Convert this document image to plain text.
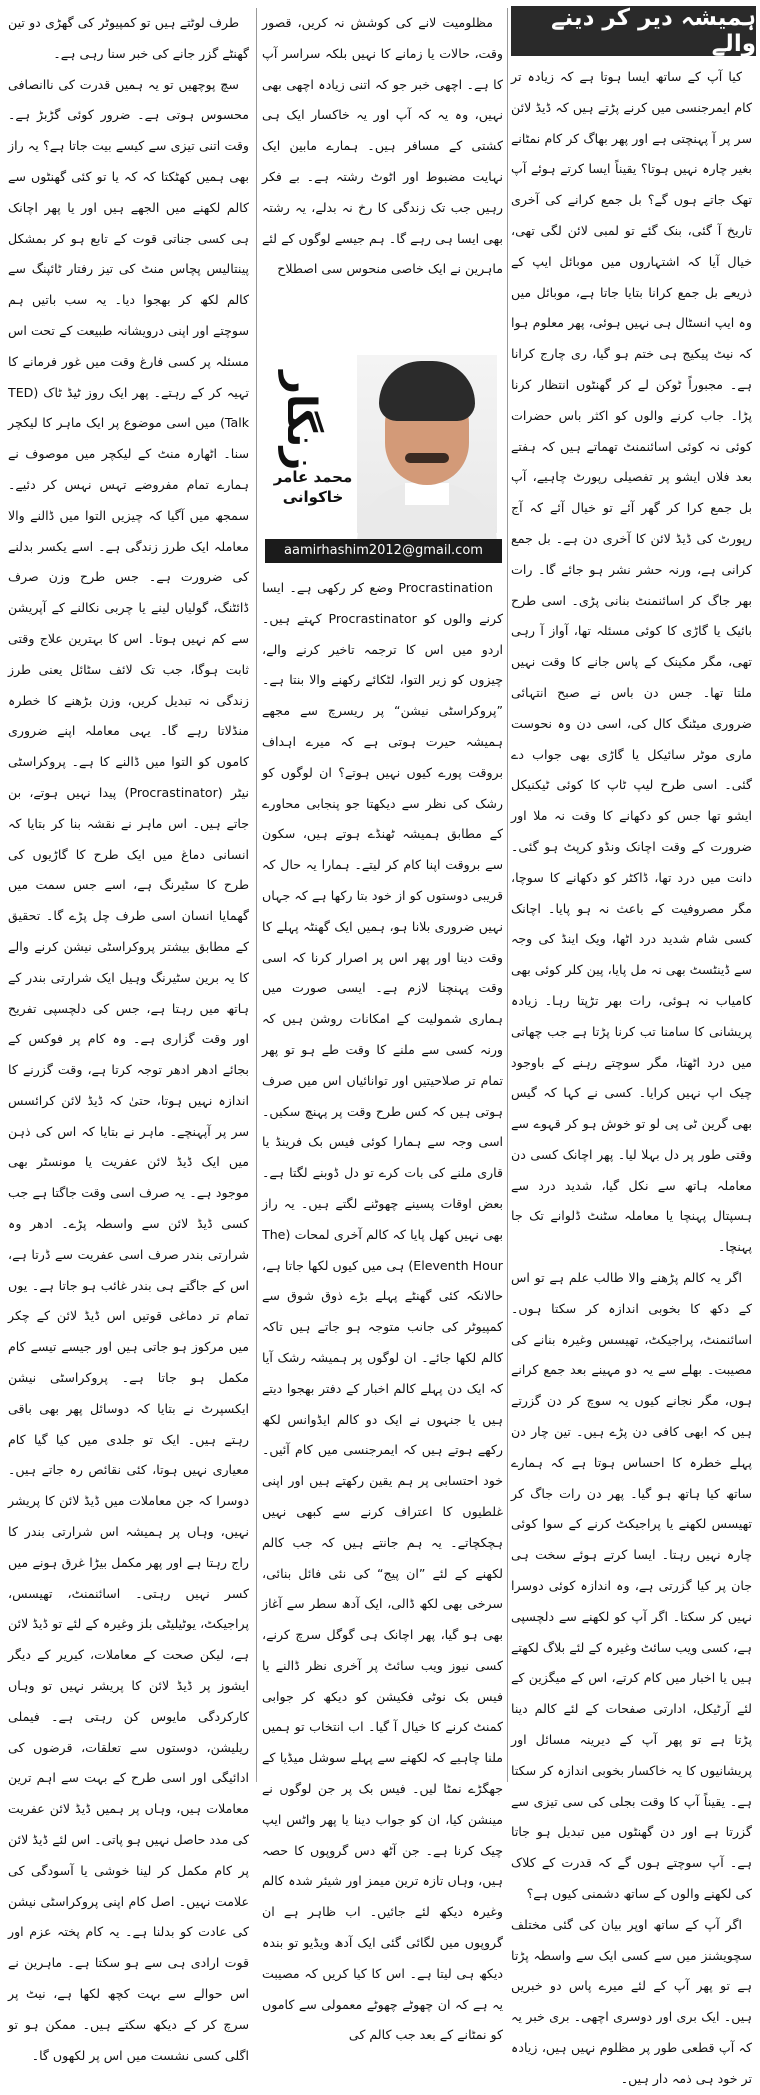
ہمیشہ دیر کر دینے والے

کیا آپ کے ساتھ ایسا ہوتا ہے کہ زیادہ تر کام ایمرجنسی میں کرنے پڑتے ہیں کہ ڈیڈ لائن سر پر آ پہنچتی ہے اور پھر بھاگ کر کام نمٹانے بغیر چارہ نہیں ہوتا؟ یقیناً ایسا کرتے ہوئے آپ تھک جاتے ہوں گے؟ بل جمع کرانے کی آخری تاریخ آ گئی، بنک گئے تو لمبی لائن لگی تھی، خیال آیا کہ اشتہاروں میں موبائل ایپ کے ذریعے بل جمع کرانا بتایا جاتا ہے، موبائل میں وہ ایپ انسٹال ہی نہیں ہوئی، پھر معلوم ہوا کہ نیٹ پیکیج ہی ختم ہو گیا، ری چارج کرانا ہے۔ مجبوراً ٹوکن لے کر گھنٹوں انتظار کرنا پڑا۔ جاب کرنے والوں کو اکثر باس حضرات کوئی نہ کوئی اسائنمنٹ تھماتے ہیں کہ ہفتے بعد فلاں ایشو پر تفصیلی رپورٹ چاہیے، آپ بل جمع کرا کر گھر آئے تو خیال آئے کہ آج رپورٹ کی ڈیڈ لائن کا آخری دن ہے۔ بل جمع کرانی ہے، ورنہ حشر نشر ہو جائے گا۔ رات بھر جاگ کر اسائنمنٹ بنانی پڑی۔ اسی طرح بائیک یا گاڑی کا کوئی مسئلہ تھا، آواز آ رہی تھی، مگر مکینک کے پاس جانے کا وقت نہیں ملتا تھا۔ جس دن باس نے صبح انتہائی ضروری میٹنگ کال کی، اسی دن وہ نحوست ماری موٹر سائیکل یا گاڑی بھی جواب دے گئی۔ اسی طرح لیپ ٹاپ کا کوئی ٹیکنیکل ایشو تھا جس کو دکھانے کا وقت نہ ملا اور ضرورت کے وقت اچانک ونڈو کرپٹ ہو گئی۔ دانت میں درد تھا، ڈاکٹر کو دکھانے کا سوچا، مگر مصروفیت کے باعث نہ ہو پایا۔ اچانک کسی شام شدید درد اٹھا، ویک اینڈ کی وجہ سے ڈینٹسٹ بھی نہ مل پایا، پین کلر کوئی بھی کامیاب نہ ہوئی، رات بھر تڑپتا رہا۔ زیادہ پریشانی کا سامنا تب کرنا پڑتا ہے جب چھاتی میں درد اٹھتا، مگر سوچتے رہنے کے باوجود چیک اپ نہیں کرایا۔ کسی نے کہا کہ گیس بھی گرین ٹی پی لو تو خوش ہو کر قہوے سے وقتی طور پر دل بہلا لیا۔ پھر اچانک کسی دن معاملہ ہاتھ سے نکل گیا، شدید درد سے ہسپتال پہنچا یا معاملہ سٹنٹ ڈلوانے تک جا پہنچا۔

اگر یہ کالم پڑھنے والا طالب علم ہے تو اس کے دکھ کا بخوبی اندازہ کر سکتا ہوں۔ اسائنمنٹ، پراجیکٹ، تھیسس وغیرہ بنانے کی مصیبت۔ بھلے سے یہ دو مہینے بعد جمع کرانے ہوں، مگر نجانے کیوں یہ سوچ کر دن گزرتے ہیں کہ ابھی کافی دن پڑے ہیں۔ تین چار دن پہلے خطرہ کا احساس ہوتا ہے کہ ہمارے ساتھ کیا ہاتھ ہو گیا۔ پھر دن رات جاگ کر تھیسس لکھنے یا پراجیکٹ کرنے کے سوا کوئی چارہ نہیں رہتا۔ ایسا کرتے ہوئے سخت ہی جان پر کیا گزرتی ہے، وہ اندازہ کوئی دوسرا نہیں کر سکتا۔ اگر آپ کو لکھنے سے دلچسپی ہے، کسی ویب سائٹ وغیرہ کے لئے بلاگ لکھتے ہیں یا اخبار میں کام کرتے، اس کے میگزین کے لئے آرٹیکل، ادارتی صفحات کے لئے کالم دینا پڑتا ہے تو پھر آپ کے دیرینہ مسائل اور پریشانیوں کا یہ خاکسار بخوبی اندازہ کر سکتا ہے۔ یقیناً آپ کا وقت بجلی کی سی تیزی سے گزرتا ہے اور دن گھنٹوں میں تبدیل ہو جاتا ہے۔ آپ سوچتے ہوں گے کہ قدرت کے کلاک کی لکھنے والوں کے ساتھ دشمنی کیوں ہے؟

اگر آپ کے ساتھ اوپر بیان کی گئی مختلف سچویشنز میں سے کسی ایک سے واسطہ پڑتا ہے تو پھر آپ کے لئے میرے پاس دو خبریں ہیں۔ ایک بری اور دوسری اچھی۔ بری خبر یہ کہ آپ قطعی طور پر مظلوم نہیں ہیں، زیادہ تر خود ہی ذمہ دار ہیں۔

مظلومیت لانے کی کوشش نہ کریں، قصور وقت، حالات یا زمانے کا نہیں بلکہ سراسر آپ کا ہے۔ اچھی خبر جو کہ اتنی زیادہ اچھی بھی نہیں، وہ یہ کہ آپ اور یہ خاکسار ایک ہی کشتی کے مسافر ہیں۔ ہمارے مابین ایک نہایت مضبوط اور اٹوٹ رشتہ ہے۔ بے فکر رہیں جب تک زندگی کا رخ نہ بدلے، یہ رشتہ بھی ایسا ہی رہے گا۔ ہم جیسے لوگوں کے لئے ماہرین نے ایک خاصی منحوس سی اصطلاح

Procrastination وضع کر رکھی ہے۔ ایسا کرنے والوں کو Procrastinator کہتے ہیں۔ اردو میں اس کا ترجمہ تاخیر کرنے والے، چیزوں کو زیر التوا، لٹکائے رکھنے والا بنتا ہے۔ ”پروکراسٹی نیشن“ پر ریسرچ سے مجھے ہمیشہ حیرت ہوتی ہے کہ میرے اہداف بروقت پورے کیوں نہیں ہوتے؟ ان لوگوں کو رشک کی نظر سے دیکھتا جو پنجابی محاورے کے مطابق ہمیشہ ٹھنڈے ہوتے ہیں، سکون سے بروقت اپنا کام کر لیتے۔ ہمارا یہ حال کہ قریبی دوستوں کو از خود بتا رکھا ہے کہ جہاں نہیں ضروری بلانا ہو، ہمیں ایک گھنٹہ پہلے کا وقت دینا اور پھر اس پر اصرار کرنا کہ اسی وقت پہنچنا لازم ہے۔ ایسی صورت میں ہماری شمولیت کے امکانات روشن ہیں کہ ورنہ کسی سے ملنے کا وقت طے ہو تو پھر تمام تر صلاحیتیں اور توانائیاں اس میں صرف ہوتی ہیں کہ کس طرح وقت پر پہنچ سکیں۔ اسی وجہ سے ہمارا کوئی فیس بک فرینڈ یا قاری ملنے کی بات کرے تو دل ڈوبنے لگتا ہے۔ بعض اوقات پسینے چھوٹنے لگتے ہیں۔ یہ راز بھی نہیں کھل پایا کہ کالم آخری لمحات (The Eleventh Hour) ہی میں کیوں لکھا جاتا ہے، حالانکہ کئی گھنٹے پہلے بڑے ذوق شوق سے کمپیوٹر کی جانب متوجہ ہو جاتے ہیں تاکہ کالم لکھا جائے۔ ان لوگوں پر ہمیشہ رشک آیا کہ ایک دن پہلے کالم اخبار کے دفتر بھجوا دیتے ہیں یا جنہوں نے ایک دو کالم ایڈوانس لکھ رکھے ہوتے ہیں کہ ایمرجنسی میں کام آئیں۔ خود احتسابی پر ہم یقین رکھتے ہیں اور اپنی غلطیوں کا اعتراف کرنے سے کبھی نہیں ہچکچاتے۔ یہ ہم جانتے ہیں کہ جب کالم لکھنے کے لئے ”ان پیج“ کی نئی فائل بنائی، سرخی بھی لکھ ڈالی، ایک آدھ سطر سے آغاز بھی ہو گیا، پھر اچانک ہی گوگل سرچ کرنے، کسی نیوز ویب سائٹ پر آخری نظر ڈالنے یا فیس بک نوٹی فکیشن کو دیکھ کر جوابی کمنٹ کرنے کا خیال آ گیا۔ اب انتخاب تو ہمیں ملنا چاہیے کہ لکھنے سے پہلے سوشل میڈیا کے جھگڑے نمٹا لیں۔ فیس بک پر جن لوگوں نے مینشن کیا، ان کو جواب دینا یا پھر واٹس ایپ چیک کرنا ہے۔ جن آٹھ دس گروپوں کا حصہ ہیں، وہاں تازہ ترین میمز اور شیئر شدہ کالم وغیرہ دیکھ لئے جائیں۔ اب ظاہر ہے ان گروپوں میں لگائی گئی ایک آدھ ویڈیو تو بندہ دیکھ ہی لیتا ہے۔ اس کا کیا کریں کہ مصیبت یہ ہے کہ ان چھوٹے چھوٹے معمولی سے کاموں کو نمٹانے کے بعد جب کالم کی

زنگار
محمد عامر خاکوانی
aamirhashim2012@gmail.com

طرف لوٹتے ہیں تو کمپیوٹر کی گھڑی دو تین گھنٹے گزر جانے کی خبر سنا رہی ہے۔

سچ پوچھیں تو یہ ہمیں قدرت کی ناانصافی محسوس ہوتی ہے۔ ضرور کوئی گڑبڑ ہے۔ وقت اتنی تیزی سے کیسے بیت جاتا ہے؟ یہ راز بھی ہمیں کھٹکتا کہ کہ یا تو کئی گھنٹوں سے کالم لکھنے میں الجھے ہیں اور یا پھر اچانک ہی کسی جناتی قوت کے تابع ہو کر بمشکل پینتالیس پچاس منٹ کی تیز رفتار ٹائپنگ سے کالم لکھ کر بھجوا دیا۔ یہ سب باتیں ہم سوچتے اور اپنی درویشانہ طبیعت کے تحت اس مسئلہ پر کسی فارغ وقت میں غور فرمانے کا تہیہ کر کے رہتے۔ پھر ایک روز ٹیڈ ٹاک (TED Talk) میں اسی موضوع پر ایک ماہر کا لیکچر سنا۔ اٹھارہ منٹ کے لیکچر میں موصوف نے ہمارے تمام مفروضے تہس نہس کر دئیے۔ سمجھ میں آگیا کہ چیزیں التوا میں ڈالنے والا معاملہ ایک طرز زندگی ہے۔ اسے یکسر بدلنے کی ضرورت ہے۔ جس طرح وزن صرف ڈائٹنگ، گولیاں لینے یا چربی نکالنے کے آپریشن سے کم نہیں ہوتا۔ اس کا بہترین علاج وقتی ثابت ہوگا، جب تک لائف سٹائل یعنی طرز زندگی نہ تبدیل کریں، وزن بڑھنے کا خطرہ منڈلاتا رہے گا۔ یہی معاملہ اپنے ضروری کاموں کو التوا میں ڈالنے کا ہے۔ پروکراسٹی نیٹر (Procrastinator) پیدا نہیں ہوتے، بن جاتے ہیں۔ اس ماہر نے نقشہ بنا کر بتایا کہ انسانی دماغ میں ایک طرح کا گاڑیوں کی طرح کا سٹیرنگ ہے، اسے جس سمت میں گھمایا انسان اسی طرف چل پڑے گا۔ تحقیق کے مطابق بیشتر پروکراسٹی نیشن کرنے والے کا یہ برین سٹیرنگ وہیل ایک شرارتی بندر کے ہاتھ میں رہتا ہے، جس کی دلچسپی تفریح اور وقت گزاری ہے۔ وہ کام پر فوکس کے بجائے ادھر ادھر توجہ کرتا ہے، وقت گزرنے کا اندازہ نہیں ہوتا، حتیٰ کہ ڈیڈ لائن کرائسس سر پر آپہنچے۔ ماہر نے بتایا کہ اس کی ذہن میں ایک ڈیڈ لائن عفریت یا مونسٹر بھی موجود ہے۔ یہ صرف اسی وقت جاگتا ہے جب کسی ڈیڈ لائن سے واسطہ پڑے۔ ادھر وہ شرارتی بندر صرف اسی عفریت سے ڈرتا ہے، اس کے جاگتے ہی بندر غائب ہو جاتا ہے۔ یوں تمام تر دماغی قوتیں اس ڈیڈ لائن کے چکر میں مرکوز ہو جاتی ہیں اور جیسے تیسے کام مکمل ہو جاتا ہے۔ پروکراسٹی نیشن ایکسپرٹ نے بتایا کہ دوسائل پھر بھی باقی رہتے ہیں۔ ایک تو جلدی میں کیا گیا کام معیاری نہیں ہوتا، کئی نقائص رہ جاتے ہیں۔ دوسرا کہ جن معاملات میں ڈیڈ لائن کا پریشر نہیں، وہاں پر ہمیشہ اس شرارتی بندر کا راج رہتا ہے اور پھر مکمل بیڑا غرق ہونے میں کسر نہیں رہتی۔ اسائنمنٹ، تھیسس، پراجیکٹ، یوٹیلیٹی بلز وغیرہ کے لئے تو ڈیڈ لائن ہے، لیکن صحت کے معاملات، کیریر کے دیگر ایشوز پر ڈیڈ لائن کا پریشر نہیں تو وہاں کارکردگی مایوس کن رہتی ہے۔ فیملی ریلیشن، دوستوں سے تعلقات، قرضوں کی ادائیگی اور اسی طرح کے بہت سے اہم ترین معاملات ہیں، وہاں پر ہمیں ڈیڈ لائن عفریت کی مدد حاصل نہیں ہو پاتی۔ اس لئے ڈیڈ لائن پر کام مکمل کر لینا خوشی یا آسودگی کی علامت نہیں۔ اصل کام اپنی پروکراسٹی نیشن کی عادت کو بدلنا ہے۔ یہ کام پختہ عزم اور قوت ارادی ہی سے ہو سکتا ہے۔ ماہرین نے اس حوالے سے بہت کچھ لکھا ہے، نیٹ پر سرچ کر کے دیکھ سکتے ہیں۔ ممکن ہو تو اگلی کسی نشست میں اس پر لکھوں گا۔
